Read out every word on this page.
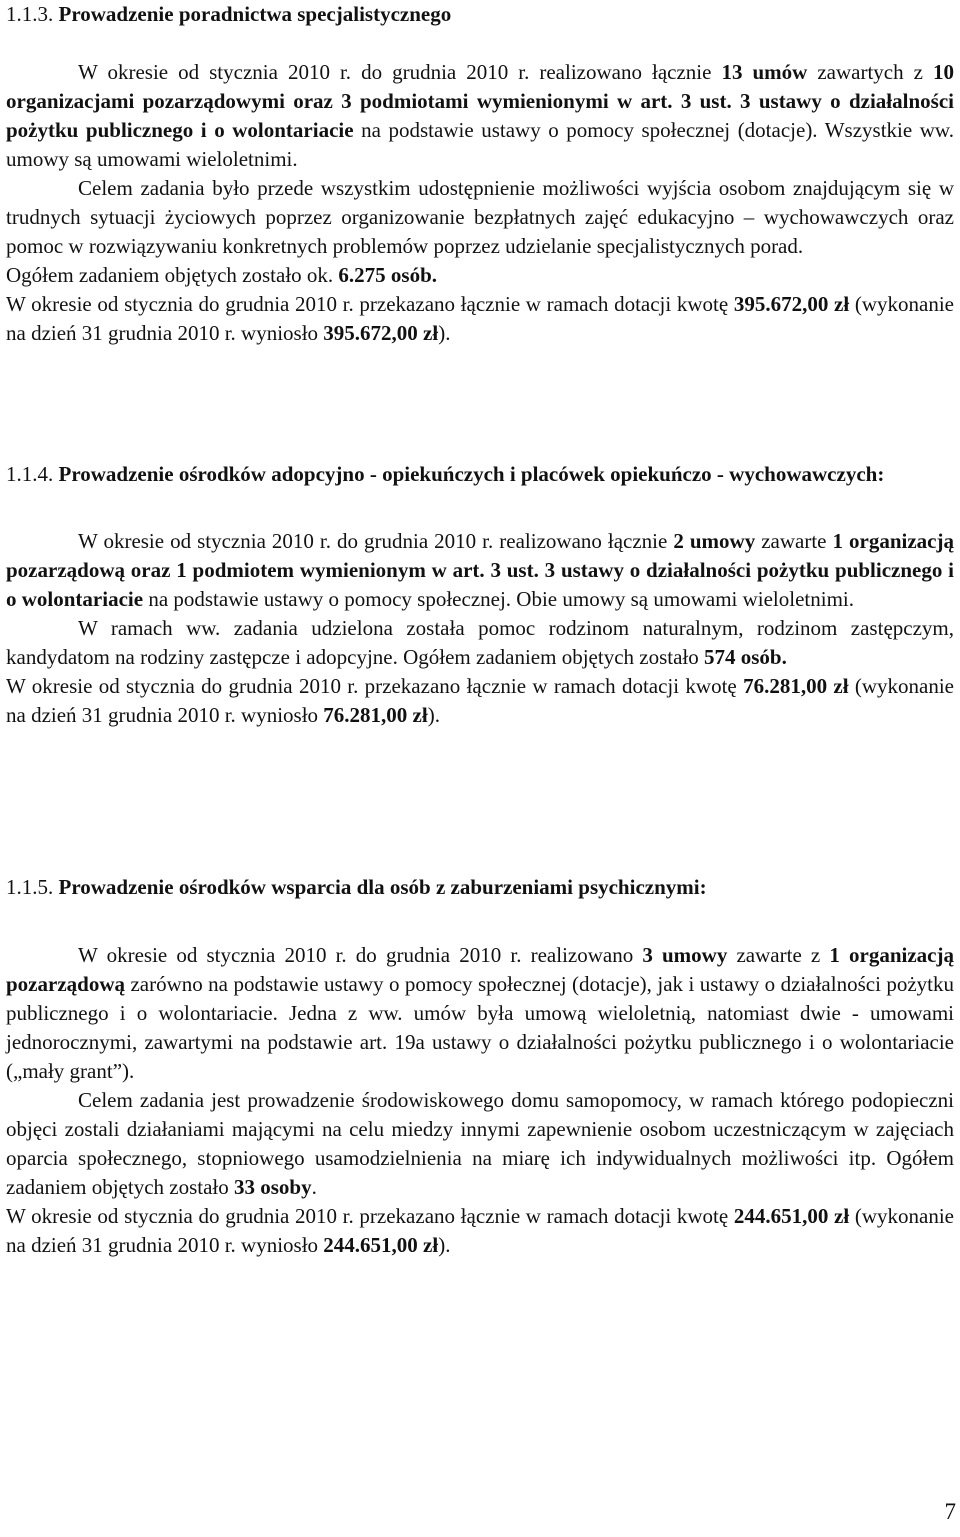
1.1.3. Prowadzenie poradnictwa specjalistycznego

W okresie od stycznia 2010 r. do grudnia 2010 r. realizowano łącznie 13 umów zawartych z 10 organizacjami pozarządowymi oraz 3 podmiotami wymienionymi w art. 3 ust. 3 ustawy o działalności pożytku publicznego i o wolontariacie na podstawie ustawy o pomocy społecznej (dotacje). Wszystkie ww. umowy są umowami wieloletnimi.

Celem zadania było przede wszystkim udostępnienie możliwości wyjścia osobom znajdującym się w trudnych sytuacji życiowych poprzez organizowanie bezpłatnych zajęć edukacyjno – wychowawczych oraz pomoc w rozwiązywaniu konkretnych problemów poprzez udzielanie specjalistycznych porad.

Ogółem zadaniem objętych zostało ok. 6.275 osób.

W okresie od stycznia do grudnia 2010 r. przekazano łącznie w ramach dotacji kwotę 395.672,00 zł (wykonanie na dzień 31 grudnia 2010 r. wyniosło 395.672,00 zł).

1.1.4. Prowadzenie ośrodków adopcyjno - opiekuńczych i placówek opiekuńczo - wychowawczych:

W okresie od stycznia 2010 r. do grudnia 2010 r. realizowano łącznie 2 umowy zawarte 1 organizacją pozarządową oraz 1 podmiotem wymienionym w art. 3 ust. 3 ustawy o działalności pożytku publicznego i o wolontariacie na podstawie ustawy o pomocy społecznej. Obie umowy są umowami wieloletnimi.

W ramach ww. zadania udzielona została pomoc rodzinom naturalnym, rodzinom zastępczym, kandydatom na rodziny zastępcze i adopcyjne. Ogółem zadaniem objętych zostało 574 osób.

W okresie od stycznia do grudnia 2010 r. przekazano łącznie w ramach dotacji kwotę 76.281,00 zł (wykonanie na dzień 31 grudnia 2010 r. wyniosło 76.281,00 zł).

1.1.5. Prowadzenie ośrodków wsparcia dla osób z zaburzeniami psychicznymi:

W okresie od stycznia 2010 r. do grudnia 2010 r. realizowano 3 umowy zawarte z 1 organizacją pozarządową zarówno na podstawie ustawy o pomocy społecznej (dotacje), jak i ustawy o działalności pożytku publicznego i o wolontariacie. Jedna z ww. umów była umową wieloletnią, natomiast dwie - umowami jednorocznymi, zawartymi na podstawie art. 19a ustawy o działalności pożytku publicznego i o wolontariacie („mały grant”).

Celem zadania jest prowadzenie środowiskowego domu samopomocy, w ramach którego podopieczni objęci zostali działaniami mającymi na celu miedzy innymi zapewnienie osobom uczestniczącym w zajęciach oparcia społecznego, stopniowego usamodzielnienia na miarę ich indywidualnych możliwości itp. Ogółem zadaniem objętych zostało 33 osoby.

W okresie od stycznia do grudnia 2010 r. przekazano łącznie w ramach dotacji kwotę 244.651,00 zł (wykonanie na dzień 31 grudnia 2010 r. wyniosło 244.651,00 zł).

7
